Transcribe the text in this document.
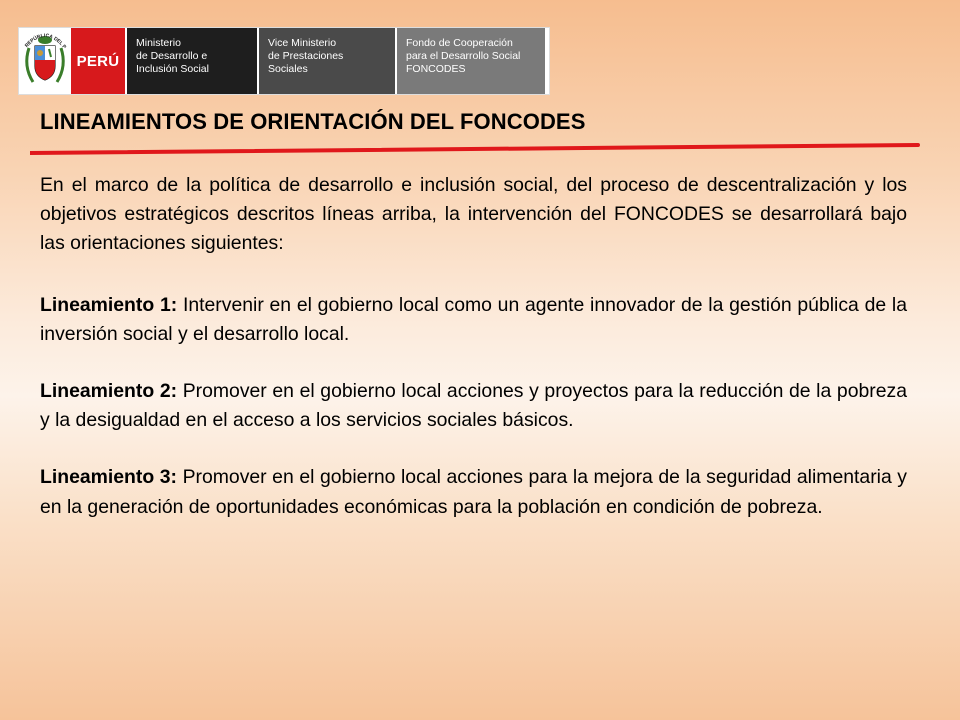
REPÚBLICA DEL P
PERÚ
Ministerio
de Desarrollo e
Inclusión Social
Vice Ministerio
de Prestaciones
Sociales
Fondo de Cooperación
para el Desarrollo Social
FONCODES
LINEAMIENTOS DE ORIENTACIÓN DEL FONCODES

En el marco de la política de desarrollo e inclusión social, del proceso de descentralización y los objetivos estratégicos descritos líneas arriba, la intervención del FONCODES se desarrollará bajo las orientaciones siguientes:

Lineamiento 1: Intervenir en el gobierno local como un agente innovador de la gestión pública de la inversión social y el desarrollo local.

Lineamiento 2: Promover en el gobierno local acciones y proyectos para la reducción de la pobreza y la desigualdad en el acceso a los servicios sociales básicos.

Lineamiento 3: Promover en el gobierno local acciones para la mejora de la seguridad alimentaria y en la generación de oportunidades económicas para la población en condición de pobreza.
